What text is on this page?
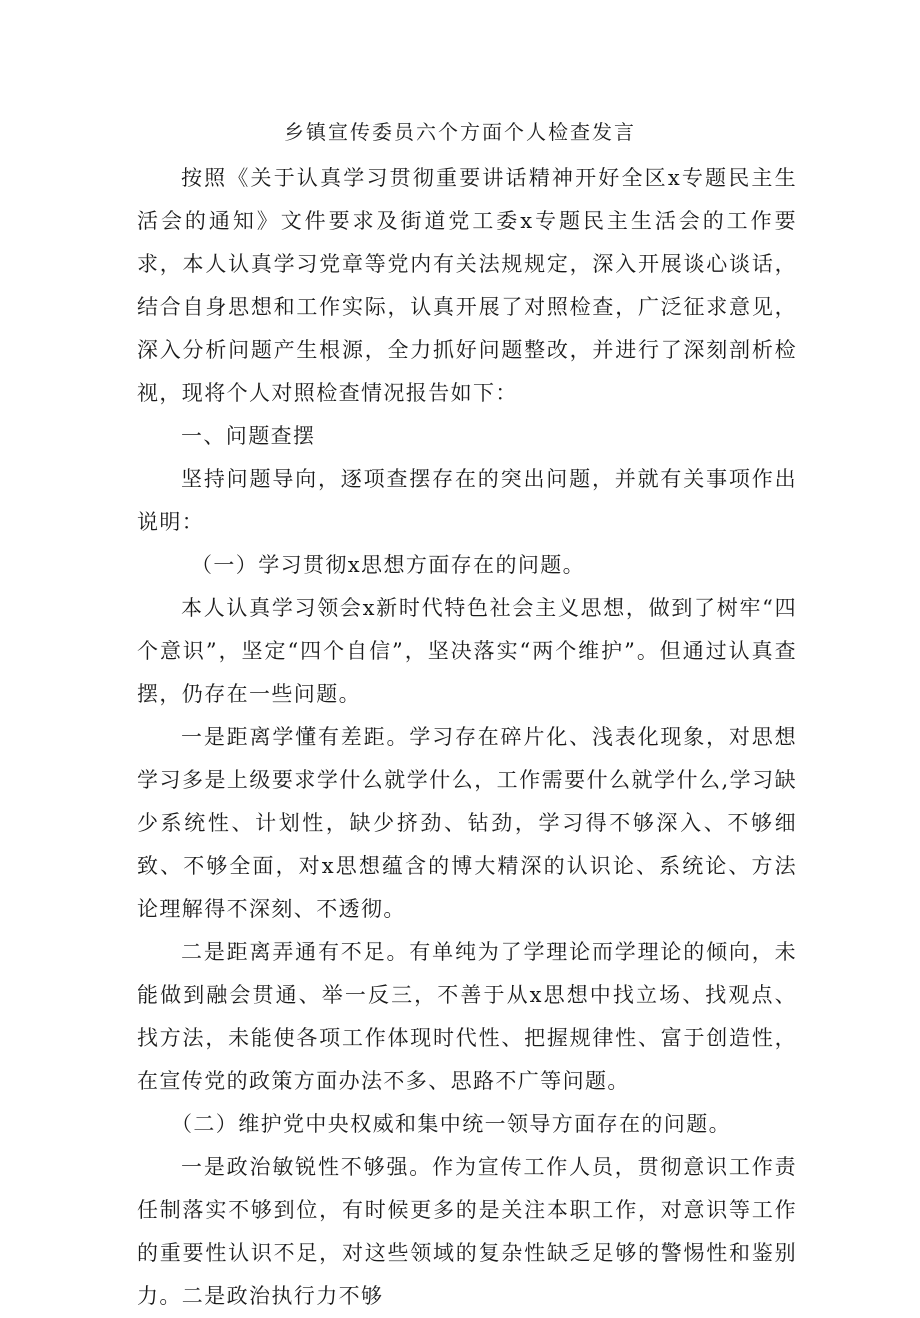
乡镇宣传委员六个方面个人检查发言

按照《关于认真学习贯彻重要讲话精神开好全区x专题民主生活会的通知》文件要求及街道党工委x专题民主生活会的工作要求，本人认真学习党章等党内有关法规规定，深入开展谈心谈话，结合自身思想和工作实际，认真开展了对照检查，广泛征求意见，深入分析问题产生根源，全力抓好问题整改，并进行了深刻剖析检视，现将个人对照检查情况报告如下：

一、问题查摆

坚持问题导向，逐项查摆存在的突出问题，并就有关事项作出说明：

（一）学习贯彻x思想方面存在的问题。

本人认真学习领会x新时代特色社会主义思想，做到了树牢“四个意识”，坚定“四个自信”，坚决落实“两个维护”。但通过认真查摆，仍存在一些问题。

一是距离学懂有差距。学习存在碎片化、浅表化现象，对思想学习多是上级要求学什么就学什么，工作需要什么就学什么,学习缺少系统性、计划性，缺少挤劲、钻劲，学习得不够深入、不够细致、不够全面，对x思想蕴含的博大精深的认识论、系统论、方法论理解得不深刻、不透彻。

二是距离弄通有不足。有单纯为了学理论而学理论的倾向，未能做到融会贯通、举一反三，不善于从x思想中找立场、找观点、找方法，未能使各项工作体现时代性、把握规律性、富于创造性，在宣传党的政策方面办法不多、思路不广等问题。

（二）维护党中央权威和集中统一领导方面存在的问题。

一是政治敏锐性不够强。作为宣传工作人员，贯彻意识工作责任制落实不够到位，有时候更多的是关注本职工作，对意识等工作的重要性认识不足，对这些领域的复杂性缺乏足够的警惕性和鉴别力。二是政治执行力不够
